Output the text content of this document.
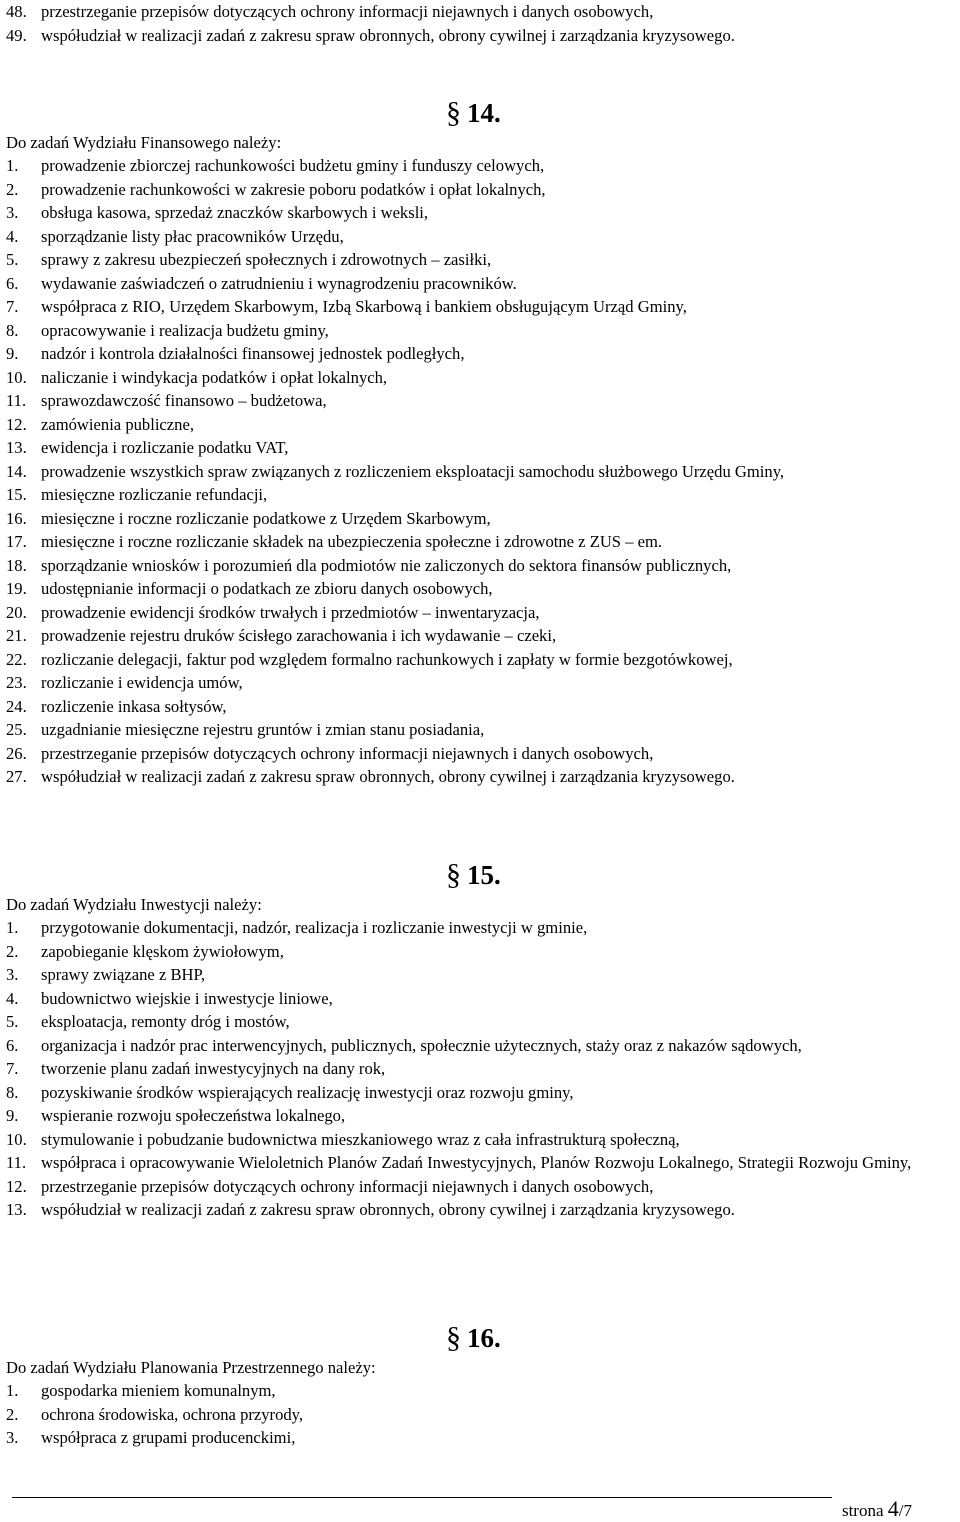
48. przestrzeganie przepisów dotyczących ochrony informacji niejawnych i danych osobowych,
49. współudział w realizacji zadań z zakresu spraw obronnych, obrony cywilnej i zarządzania kryzysowego.
§ 14.
Do zadań Wydziału Finansowego należy:
1.	prowadzenie zbiorczej rachunkowości budżetu gminy i funduszy celowych,
2.	prowadzenie rachunkowości w zakresie poboru podatków i opłat lokalnych,
3.	obsługa kasowa, sprzedaż znaczków skarbowych i weksli,
4.	sporządzanie listy płac pracowników Urzędu,
5.	sprawy z zakresu ubezpieczeń społecznych i zdrowotnych – zasiłki,
6.	wydawanie zaświadczeń o zatrudnieniu i wynagrodzeniu pracowników.
7.	współpraca z RIO, Urzędem Skarbowym, Izbą Skarbową i bankiem obsługującym Urząd Gminy,
8.	opracowywanie i realizacja budżetu gminy,
9.	nadzór i kontrola działalności finansowej jednostek podległych,
10. naliczanie i windykacja podatków i opłat lokalnych,
11. sprawozdawczość finansowo – budżetowa,
12. zamówienia publiczne,
13. ewidencja i rozliczanie podatku VAT,
14. prowadzenie wszystkich spraw związanych z rozliczeniem eksploatacji samochodu służbowego Urzędu Gminy,
15. miesięczne rozliczanie refundacji,
16. miesięczne i roczne rozliczanie podatkowe z Urzędem Skarbowym,
17. miesięczne i roczne rozliczanie składek na ubezpieczenia społeczne i zdrowotne z ZUS – em.
18. sporządzanie wniosków i porozumień dla podmiotów nie zaliczonych do sektora finansów publicznych,
19. udostępnianie informacji o podatkach ze zbioru danych osobowych,
20. prowadzenie ewidencji środków trwałych i przedmiotów – inwentaryzacja,
21. prowadzenie rejestru druków ścisłego zarachowania i ich wydawanie – czeki,
22. rozliczanie delegacji, faktur pod względem formalno rachunkowych i zapłaty w formie bezgotówkowej,
23. rozliczanie i ewidencja umów,
24. rozliczenie inkasa sołtysów,
25. uzgadnianie miesięczne rejestru gruntów i zmian stanu posiadania,
26. przestrzeganie przepisów dotyczących ochrony informacji niejawnych i danych osobowych,
27. współudział w realizacji zadań z zakresu spraw obronnych, obrony cywilnej i zarządzania kryzysowego.
§ 15.
Do zadań Wydziału Inwestycji należy:
1.	przygotowanie dokumentacji, nadzór, realizacja i rozliczanie inwestycji w gminie,
2.	zapobieganie klęskom żywiołowym,
3.	sprawy związane z BHP,
4.	budownictwo wiejskie i inwestycje liniowe,
5.	eksploatacja, remonty dróg i mostów,
6.	organizacja i nadzór prac interwencyjnych, publicznych, społecznie użytecznych, staży oraz z nakazów sądowych,
7.	tworzenie planu zadań inwestycyjnych na dany rok,
8.	pozyskiwanie środków wspierających realizację inwestycji oraz rozwoju gminy,
9.	wspieranie rozwoju społeczeństwa lokalnego,
10. stymulowanie i pobudzanie budownictwa mieszkaniowego wraz z cała infrastrukturą społeczną,
11. współpraca i opracowywanie Wieloletnich Planów Zadań Inwestycyjnych, Planów Rozwoju Lokalnego, Strategii Rozwoju Gminy,
12. przestrzeganie przepisów dotyczących ochrony informacji niejawnych i danych osobowych,
13. współudział w realizacji zadań z zakresu spraw obronnych, obrony cywilnej i zarządzania kryzysowego.
§ 16.
Do zadań Wydziału Planowania Przestrzennego należy:
1.	gospodarka mieniem komunalnym,
2.	ochrona środowiska, ochrona przyrody,
3.	współpraca z grupami producenckimi,
strona 4/7
